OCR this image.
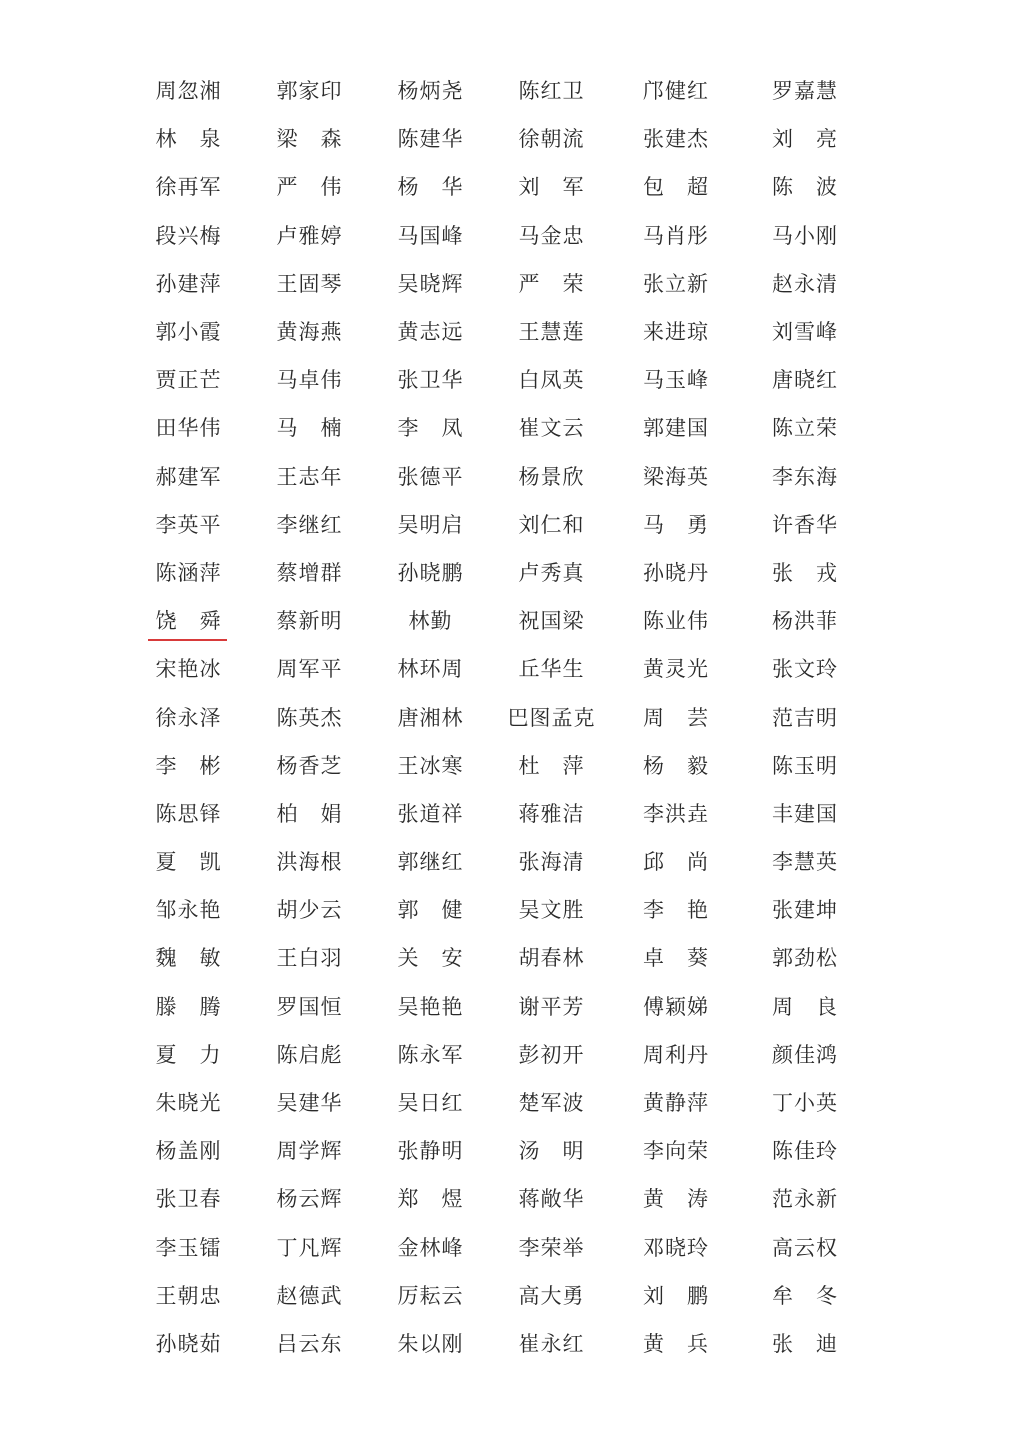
周忽湘	郭家印	杨炳尧	陈红卫	邝健红	罗嘉慧
林　泉	梁　森	陈建华	徐朝流	张建杰	刘　亮
徐再军	严　伟	杨　华	刘　军	包　超	陈　波
段兴梅	卢雅婷	马国峰	马金忠	马肖彤	马小刚
孙建萍	王固琴	吴晓辉	严　荣	张立新	赵永清
郭小霞	黄海燕	黄志远	王慧莲	来进琼	刘雪峰
贾正芒	马卓伟	张卫华	白凤英	马玉峰	唐晓红
田华伟	马　楠	李　凤	崔文云	郭建国	陈立荣
郝建军	王志年	张德平	杨景欣	梁海英	李东海
李英平	李继红	吴明启	刘仁和	马　勇	许香华
陈涵萍	蔡增群	孙晓鹏	卢秀真	孙晓丹	张　戎
饶　舜	蔡新明	林勤	祝国梁	陈业伟	杨洪菲
宋艳冰	周军平	林环周	丘华生	黄灵光	张文玲
徐永泽	陈英杰	唐湘林	巴图孟克	周　芸	范吉明
李　彬	杨香芝	王冰寒	杜　萍	杨　毅	陈玉明
陈思铎	柏　娟	张道祥	蒋雅洁	李洪垚	丰建国
夏　凯	洪海根	郭继红	张海清	邱　尚	李慧英
邹永艳	胡少云	郭　健	吴文胜	李　艳	张建坤
魏　敏	王白羽	关　安	胡春林	卓　葵	郭劲松
滕　腾	罗国恒	吴艳艳	谢平芳	傅颖娣	周　良
夏　力	陈启彪	陈永军	彭初开	周利丹	颜佳鸿
朱晓光	吴建华	吴日红	楚军波	黄静萍	丁小英
杨盖刚	周学辉	张静明	汤　明	李向荣	陈佳玲
张卫春	杨云辉	郑　煜	蒋敞华	黄　涛	范永新
李玉镭	丁凡辉	金林峰	李荣举	邓晓玲	高云权
王朝忠	赵德武	厉耘云	高大勇	刘　鹏	牟　冬
孙晓茹	吕云东	朱以刚	崔永红	黄　兵	张　迪
